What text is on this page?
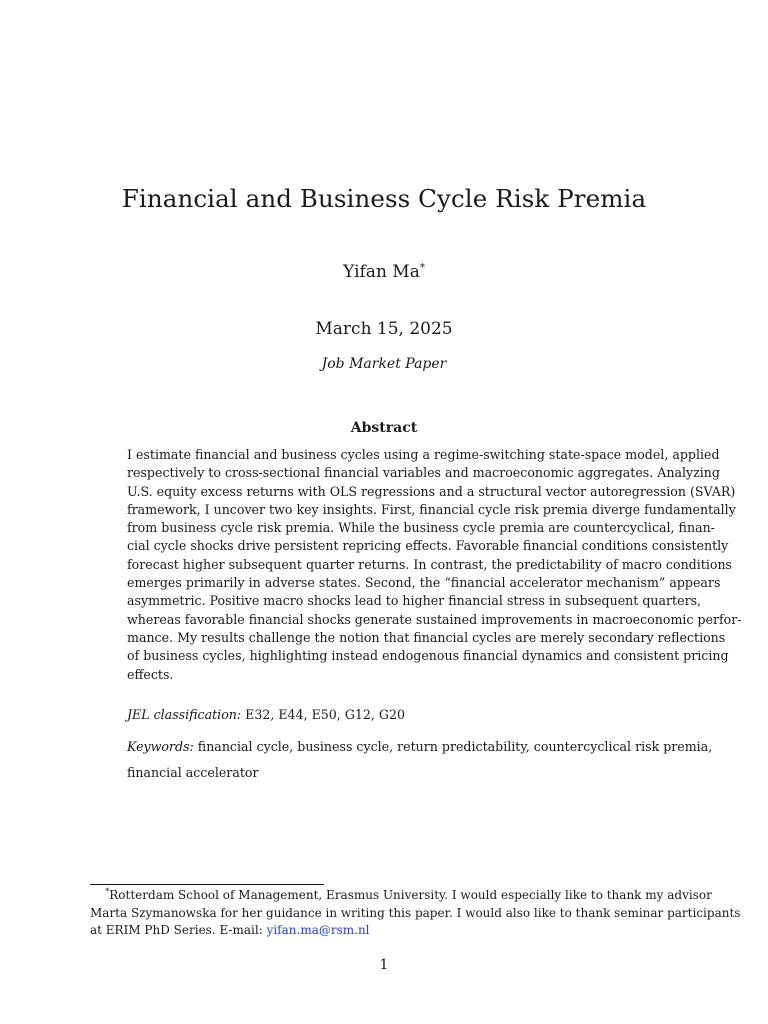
Financial and Business Cycle Risk Premia
Yifan Ma*
March 15, 2025
Job Market Paper
Abstract
I estimate financial and business cycles using a regime-switching state-space model, applied
respectively to cross-sectional financial variables and macroeconomic aggregates. Analyzing
U.S. equity excess returns with OLS regressions and a structural vector autoregression (SVAR)
framework, I uncover two key insights. First, financial cycle risk premia diverge fundamentally
from business cycle risk premia. While the business cycle premia are countercyclical, finan-
cial cycle shocks drive persistent repricing effects. Favorable financial conditions consistently
forecast higher subsequent quarter returns. In contrast, the predictability of macro conditions
emerges primarily in adverse states. Second, the “financial accelerator mechanism” appears
asymmetric. Positive macro shocks lead to higher financial stress in subsequent quarters,
whereas favorable financial shocks generate sustained improvements in macroeconomic perfor-
mance. My results challenge the notion that financial cycles are merely secondary reflections
of business cycles, highlighting instead endogenous financial dynamics and consistent pricing
effects.
JEL classification: E32, E44, E50, G12, G20
Keywords: financial cycle, business cycle, return predictability, countercyclical risk premia,
financial accelerator
*Rotterdam School of Management, Erasmus University. I would especially like to thank my advisor
Marta Szymanowska for her guidance in writing this paper. I would also like to thank seminar participants
at ERIM PhD Series. E-mail: yifan.ma@rsm.nl
1
